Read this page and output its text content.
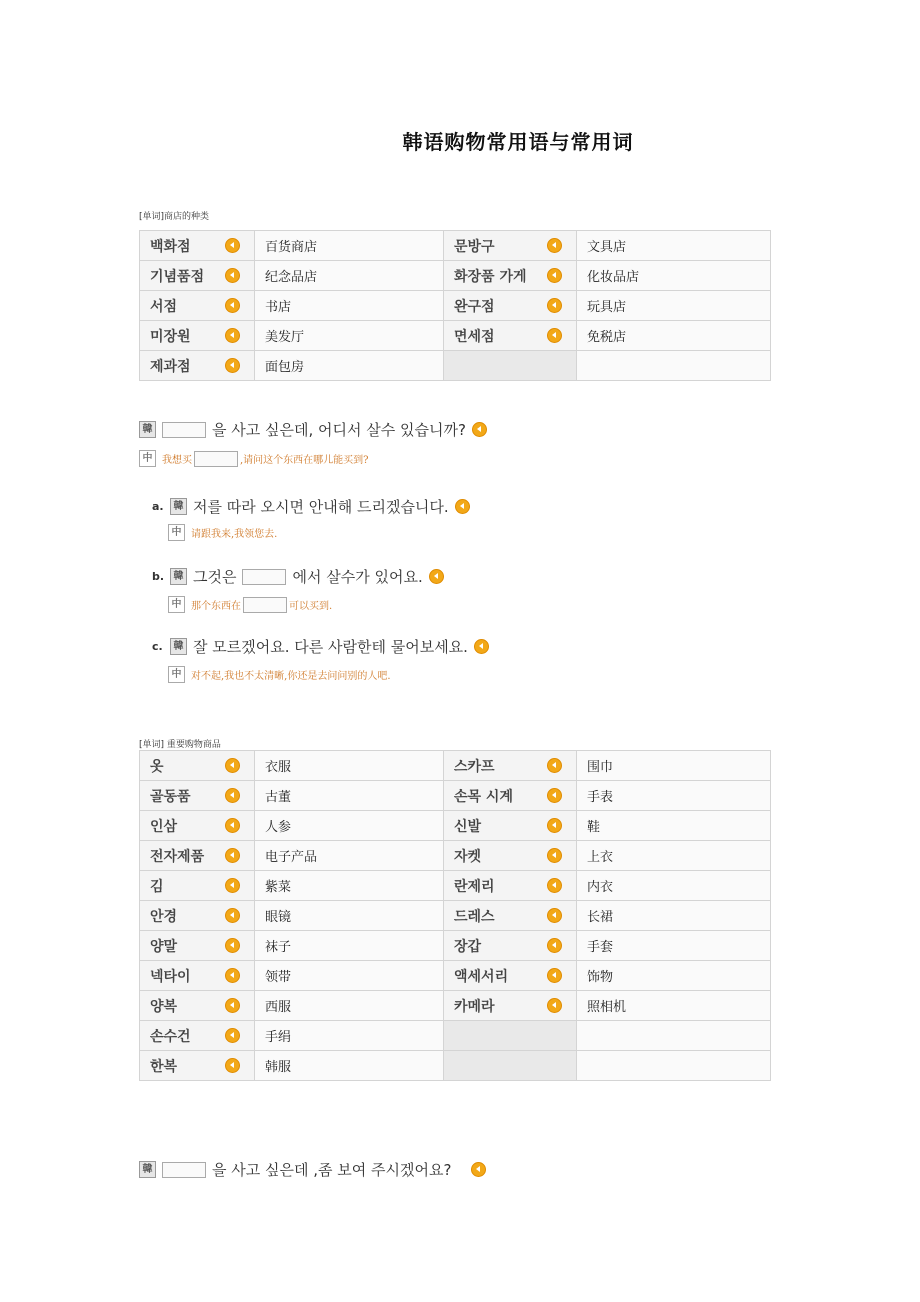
韩语购物常用语与常用词
[单词]商店的种类
백화점	百货商店	문방구	文具店

기념품점	纪念品店	화장품 가게	化妆品店

서점	书店	완구점	玩具店

미장원	美发厅	면세점	免税店

제과점	面包房		
韓	을 사고 싶은데, 어디서 살수 있습니까?
中 我想买	,请问这个东西在哪儿能买到?
a. 韓 저를 따라 오시면 안내해 드리겠습니다.
中 请跟我来,我领您去.
b. 韓 그것은	에서 살수가 있어요.
中 那个东西在	可以买到.
c.	韓 잘 모르겠어요. 다른 사람한테 물어보세요.
中 对不起,我也不太清晰,你还是去问问别的人吧.
[单词] 重要购物商品
옷	衣服	스카프	围巾

골동품	古董	손목 시계	手表

인삼	人参	신발	鞋

전자제품	电子产品	자켓	上衣

김	紫菜	란제리	内衣

안경	眼镜	드레스	长裙

양말	袜子	장갑	手套

넥타이	领带	액세서리	饰物

양복	西服	카메라	照相机

손수건	手绢		

한복	韩服		
韓	을 사고 싶은데 ,좀 보여 주시겠어요?
